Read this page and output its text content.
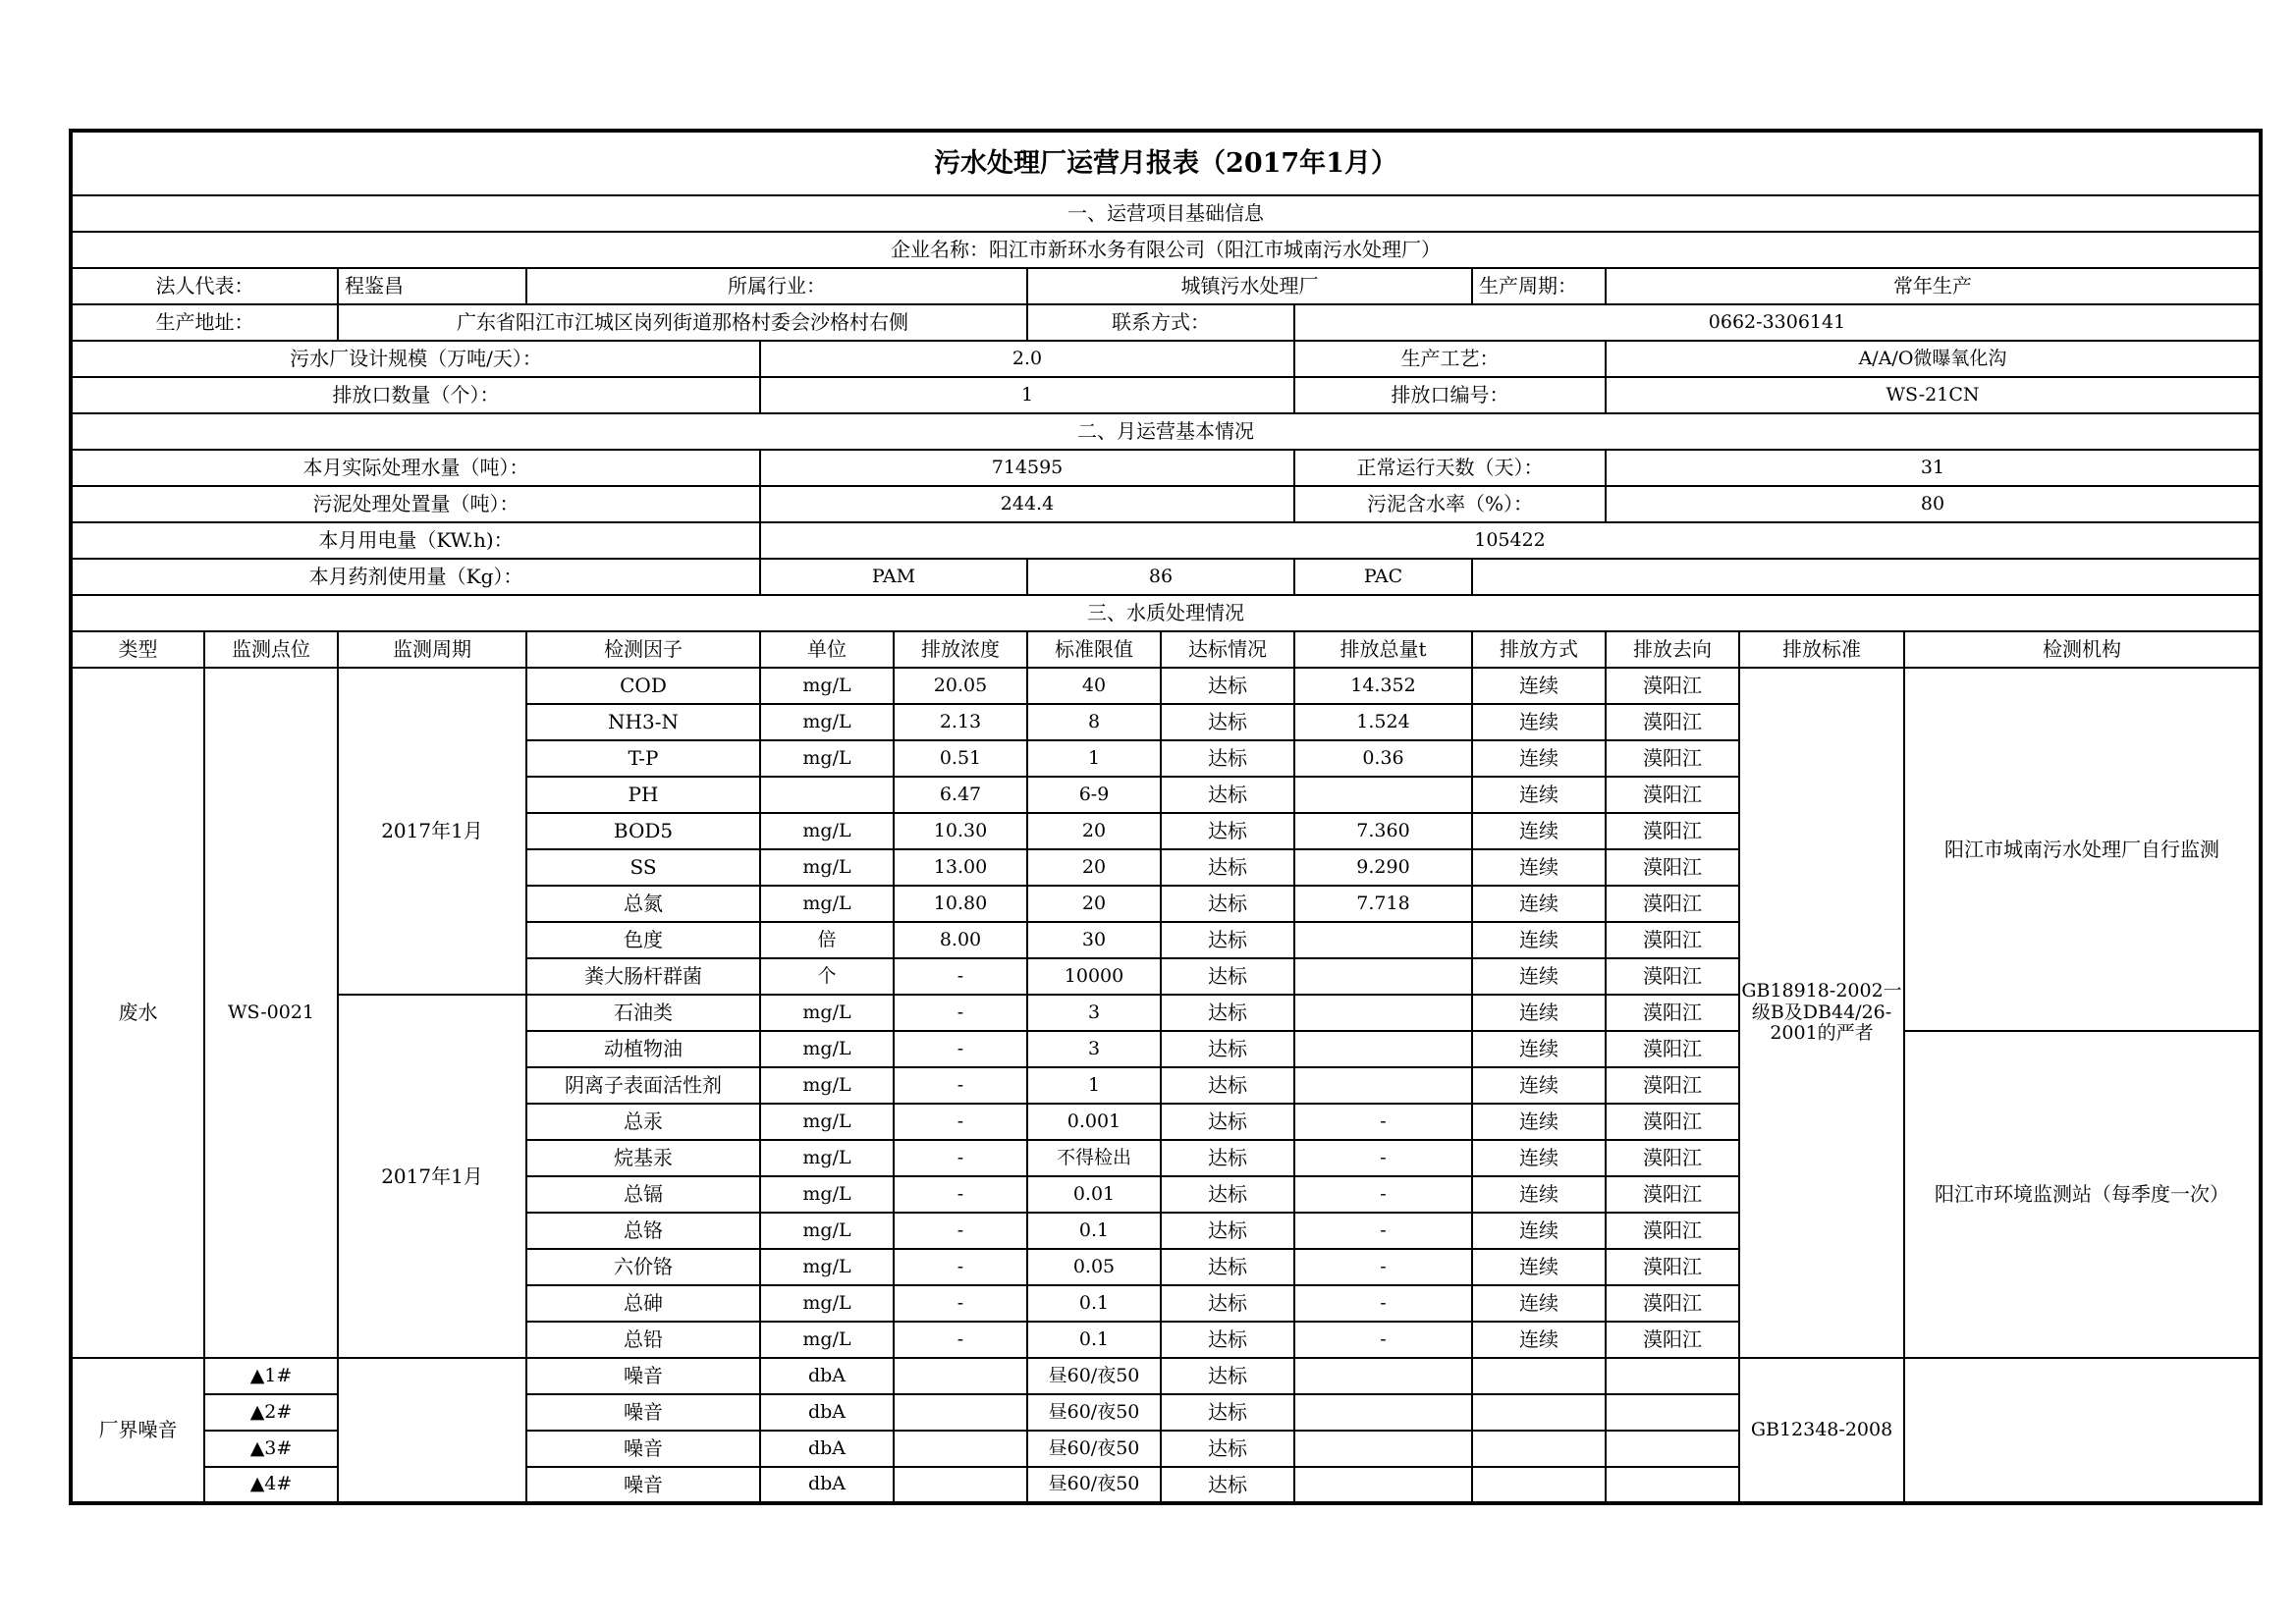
污水处理厂运营月报表（2017年1月）												
一、运营项目基础信息												
企业名称：阳江市新环水务有限公司（阳江市城南污水处理厂）												
法人代表：		程鉴昌	所属行业：			城镇污水处理厂			生产周期：	常年生产		
生产地址：		广东省阳江市江城区岗列街道那格村委会沙格村右侧				联系方式：		0662-3306141				
污水厂设计规模（万吨/天）：				2.0				生产工艺：		A/A/O微曝氧化沟		
排放口数量（个）：				1				排放口编号：		WS-21CN		
二、月运营基本情况												
本月实际处理水量（吨）：				714595				正常运行天数（天）：		31		
污泥处理处置量（吨）：				244.4				污泥含水率（%）：		80		
本月用电量（KW.h)：				105422								
本月药剂使用量（Kg）：				PAM		86		PAC				
三、水质处理情况												
类型	监测点位	监测周期	检测因子	单位	排放浓度	标准限值	达标情况	排放总量t	排放方式	排放去向	排放标准	检测机构
废水	WS-0021	2017年1月	COD	mg/L	20.05	40	达标	14.352	连续	漠阳江	GB18918-2002一级B及DB44/26-2001的严者	阳江市城南污水处理厂自行监测
			NH3-N	mg/L	2.13	8	达标	1.524	连续	漠阳江		
			T-P	mg/L	0.51	1	达标	0.36	连续	漠阳江		
			PH		6.47	6-9	达标		连续	漠阳江		
			BOD5	mg/L	10.30	20	达标	7.360	连续	漠阳江		
			SS	mg/L	13.00	20	达标	9.290	连续	漠阳江		
			总氮	mg/L	10.80	20	达标	7.718	连续	漠阳江		
			色度	倍	8.00	30	达标		连续	漠阳江		
			粪大肠杆群菌	个	-	10000	达标		连续	漠阳江		
		2017年1月	石油类	mg/L	-	3	达标		连续	漠阳江		
			动植物油	mg/L	-	3	达标		连续	漠阳江		阳江市环境监测站（每季度一次）
			阴离子表面活性剂	mg/L	-	1	达标		连续	漠阳江		
			总汞	mg/L	-	0.001	达标	-	连续	漠阳江		
			烷基汞	mg/L	-	不得检出	达标	-	连续	漠阳江		
			总镉	mg/L	-	0.01	达标	-	连续	漠阳江		
			总铬	mg/L	-	0.1	达标	-	连续	漠阳江		
			六价铬	mg/L	-	0.05	达标	-	连续	漠阳江		
			总砷	mg/L	-	0.1	达标	-	连续	漠阳江		
			总铅	mg/L	-	0.1	达标	-	连续	漠阳江		
厂界噪音	▲1#		噪音	dbA		昼60/夜50	达标				GB12348-2008	
	▲2#		噪音	dbA		昼60/夜50	达标					
	▲3#		噪音	dbA		昼60/夜50	达标					
	▲4#		噪音	dbA		昼60/夜50	达标					
